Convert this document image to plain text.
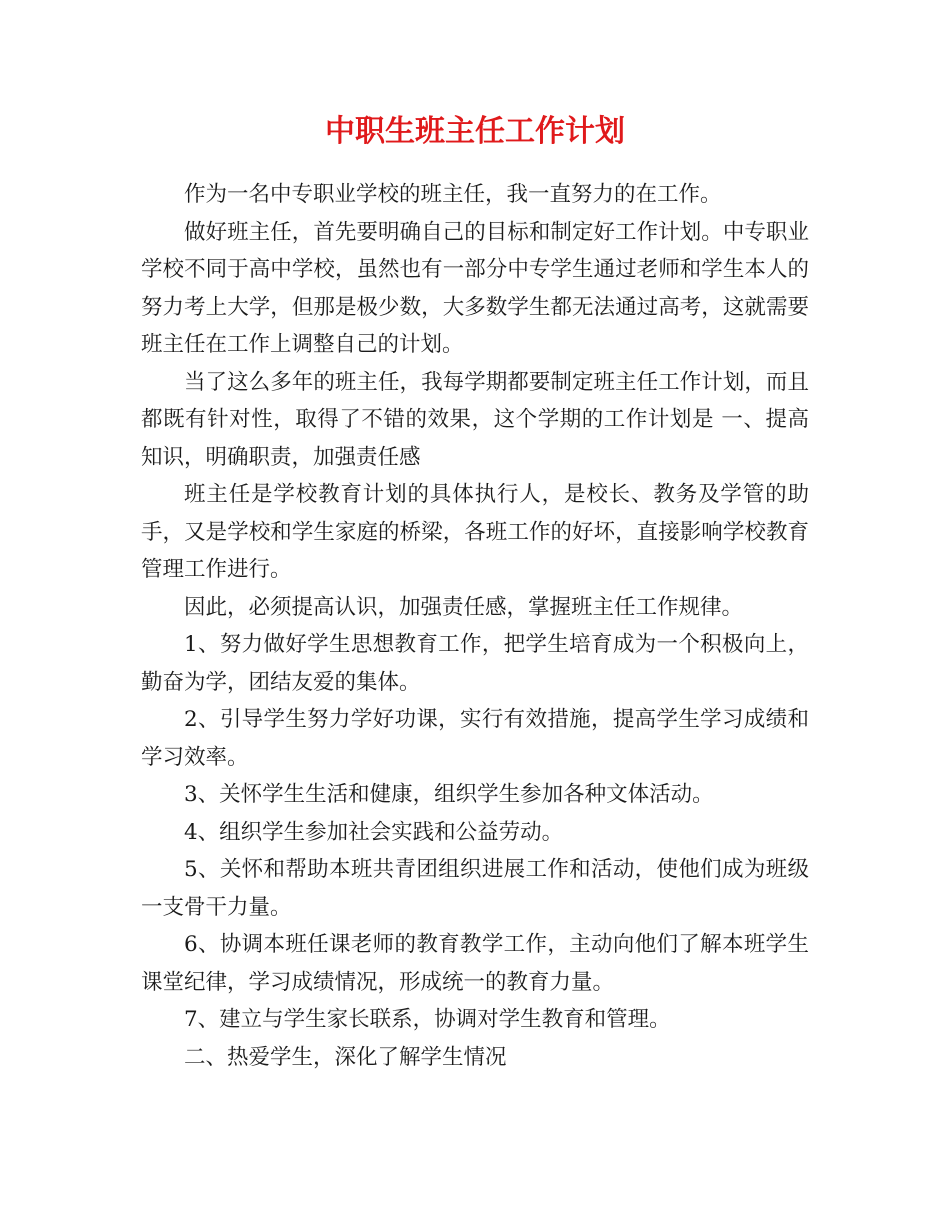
中职生班主任工作计划

作为一名中专职业学校的班主任，我一直努力的在工作。

做好班主任，首先要明确自己的目标和制定好工作计划。中专职业学校不同于高中学校，虽然也有一部分中专学生通过老师和学生本人的努力考上大学，但那是极少数，大多数学生都无法通过高考，这就需要班主任在工作上调整自己的计划。

当了这么多年的班主任，我每学期都要制定班主任工作计划，而且都既有针对性，取得了不错的效果，这个学期的工作计划是 一、提高知识，明确职责，加强责任感

班主任是学校教育计划的具体执行人，是校长、教务及学管的助手，又是学校和学生家庭的桥梁，各班工作的好坏，直接影响学校教育管理工作进行。

因此，必须提高认识，加强责任感，掌握班主任工作规律。

1、努力做好学生思想教育工作，把学生培育成为一个积极向上，勤奋为学，团结友爱的集体。

2、引导学生努力学好功课，实行有效措施，提高学生学习成绩和学习效率。

3、关怀学生生活和健康，组织学生参加各种文体活动。

4、组织学生参加社会实践和公益劳动。

5、关怀和帮助本班共青团组织进展工作和活动，使他们成为班级一支骨干力量。

6、协调本班任课老师的教育教学工作，主动向他们了解本班学生课堂纪律，学习成绩情况，形成统一的教育力量。

7、建立与学生家长联系，协调对学生教育和管理。

二、热爱学生，深化了解学生情况
